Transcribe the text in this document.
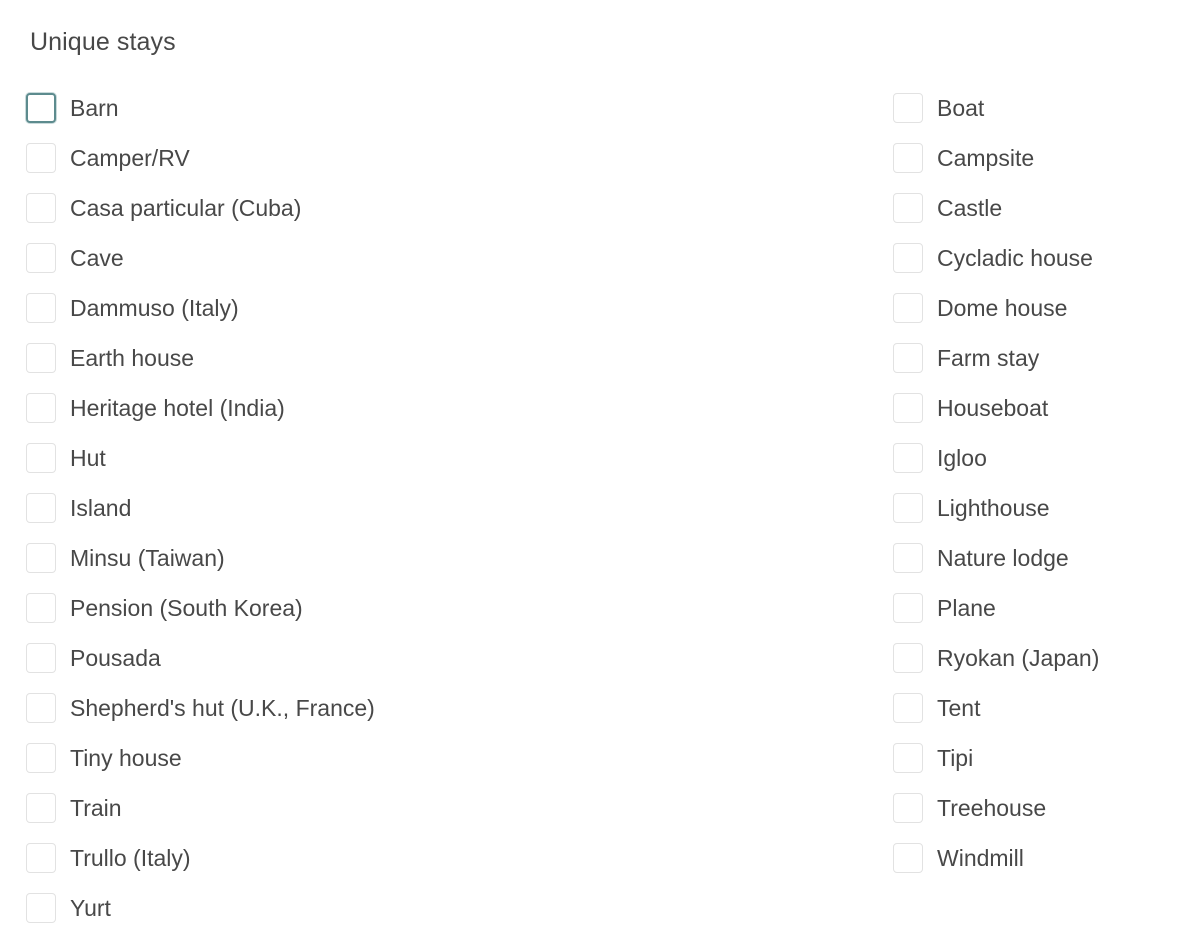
Unique stays
Barn
Camper/RV
Casa particular (Cuba)
Cave
Dammuso (Italy)
Earth house
Heritage hotel (India)
Hut
Island
Minsu (Taiwan)
Pension (South Korea)
Pousada
Shepherd's hut (U.K., France)
Tiny house
Train
Trullo (Italy)
Yurt
Boat
Campsite
Castle
Cycladic house
Dome house
Farm stay
Houseboat
Igloo
Lighthouse
Nature lodge
Plane
Ryokan (Japan)
Tent
Tipi
Treehouse
Windmill
